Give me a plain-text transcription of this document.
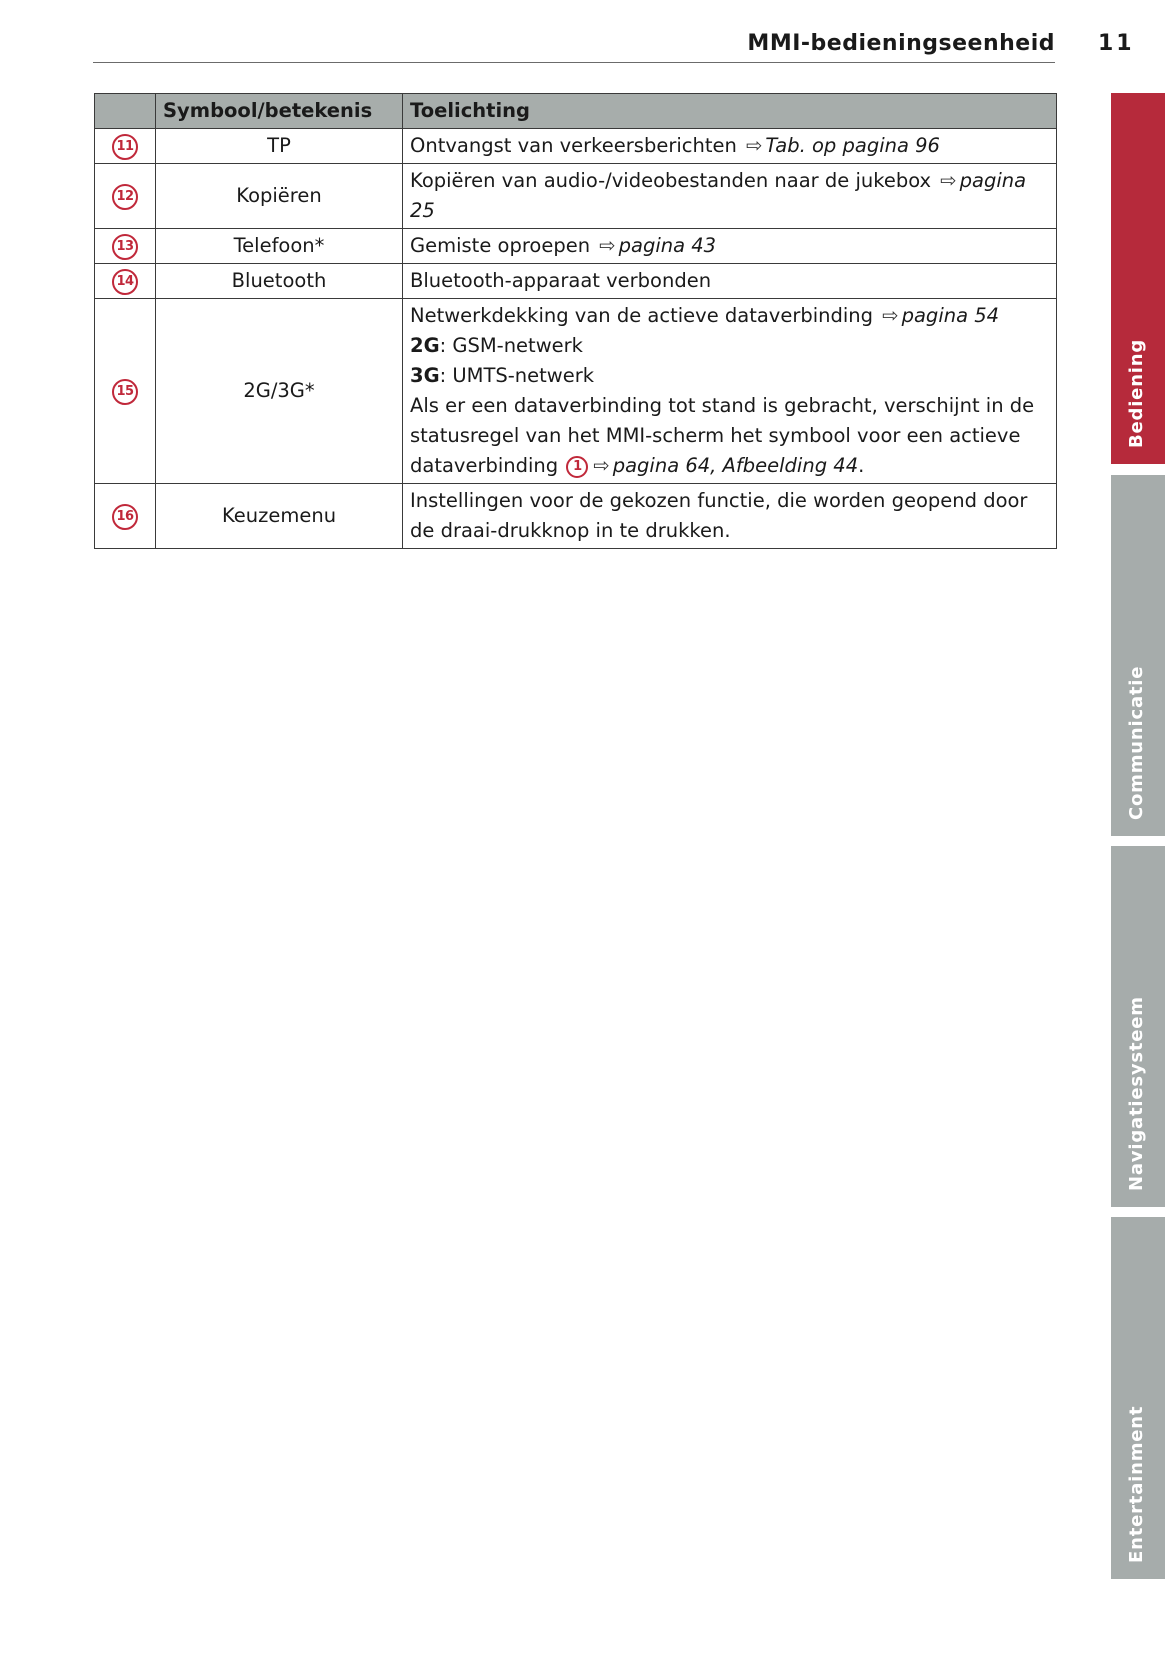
MMI-bedieningseenheid 11
	Symbool/betekenis	Toelichting
11	TP	Ontvangst van verkeersberichten ⇨ Tab. op pagina 96
12	Kopiëren	Kopiëren van audio-/videobestanden naar de jukebox ⇨ pagina 25
13	Telefoon*	Gemiste oproepen ⇨ pagina 43
14	Bluetooth	Bluetooth-apparaat verbonden
15	2G/3G*	Netwerkdekking van de actieve dataverbinding ⇨ pagina 54
2G: GSM-netwerk
3G: UMTS-netwerk
Als er een dataverbinding tot stand is gebracht, verschijnt in de statusregel van het MMI-scherm het symbool voor een actieve dataverbinding 1 ⇨ pagina 64, Afbeelding 44.

16	Keuzemenu	Instellingen voor de gekozen functie, die worden geopend door de draai-drukknop in te drukken.
Bediening
Communicatie
Navigatiesysteem
Entertainment
